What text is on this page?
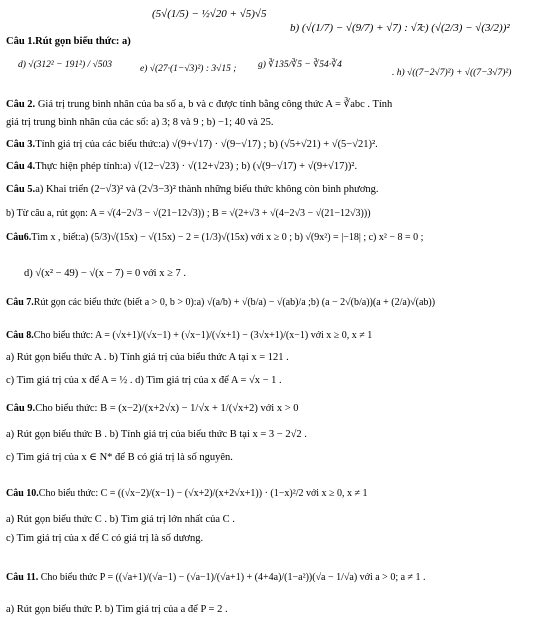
Câu 1.Rút gọn biểu thức: a)
(5√(1/5) − ½√20 + √5)√5
b) (√(1/7) − √(9/7) + √7) : √7
c) (√(2/3) − √(3/2))²
d) √(312² − 191²) / √503	e) √(27·(1−√3)²) : 3√15 ; g) ∛135/∛5 − ∛54·∛4
. h) √((7−2√7)²) + √((7−3√7)²)
Câu 2. Giá trị trung bình nhân của ba số a, b và c được tính bằng công thức A = ∛abc . Tính
giá trị trung bình nhân của các số: a) 3; 8 và 9 ; b) −1; 40 và 25.
Câu 3.Tính giá trị của các biểu thức:a) √(9+√17) · √(9−√17) ; b) (√5+√21) + √(5−√21)².
Câu 4.Thực hiện phép tính:a) √(12−√23) · √(12+√23) ; b) (√(9−√17) + √(9+√17))².
Câu 5.a) Khai triển (2−√3)² và (2√3−3)² thành những biểu thức không còn bình phương.
b) Từ câu a, rút gọn: A = √(4−2√3 − √(21−12√3)) ; B = √(2+√3 + √(4−2√3 − √(21−12√3)))
Câu6.Tìm x , biết:a) (5/3)√(15x) − √(15x) − 2 = (1/3)√(15x) với x ≥ 0 ; b) √(9x²) = |−18| ; c) x² − 8 = 0 ;
d) √(x² − 49) − √(x − 7) = 0 với x ≥ 7 .
Câu 7.Rút gọn các biểu thức (biết a > 0, b > 0):a) √(a/b) + √(b/a) − √(ab)/a ;b) (a − 2√(b/a))(a + (2/a)√(ab))
Câu 8.Cho biểu thức: A = (√x+1)/(√x−1) + (√x−1)/(√x+1) − (3√x+1)/(x−1) với x ≥ 0, x ≠ 1
a) Rút gọn biểu thức A . b) Tính giá trị của biểu thức A tại x = 121 .
c) Tìm giá trị của x để A = ½ . d) Tìm giá trị của x để A = √x − 1 .
Câu 9.Cho biểu thức: B = (x−2)/(x+2√x) − 1/√x + 1/(√x+2) với x > 0
a) Rút gọn biểu thức B . b) Tính giá trị của biểu thức B tại x = 3 − 2√2 .
c) Tìm giá trị của x ∈ N* để B có giá trị là số nguyên.
Câu 10.Cho biểu thức: C = ((√x−2)/(x−1) − (√x+2)/(x+2√x+1)) · (1−x)²/2 với x ≥ 0, x ≠ 1
a) Rút gọn biểu thức C . b) Tìm giá trị lớn nhất của C .
c) Tìm giá trị của x để C có giá trị là số dương.
Câu 11. Cho biểu thức P = ((√a+1)/(√a−1) − (√a−1)/(√a+1) + (4+4a)/(1−a²))(√a − 1/√a) với a > 0; a ≠ 1 .
a) Rút gọn biểu thức P. b) Tìm giá trị của a để P = 2 .
